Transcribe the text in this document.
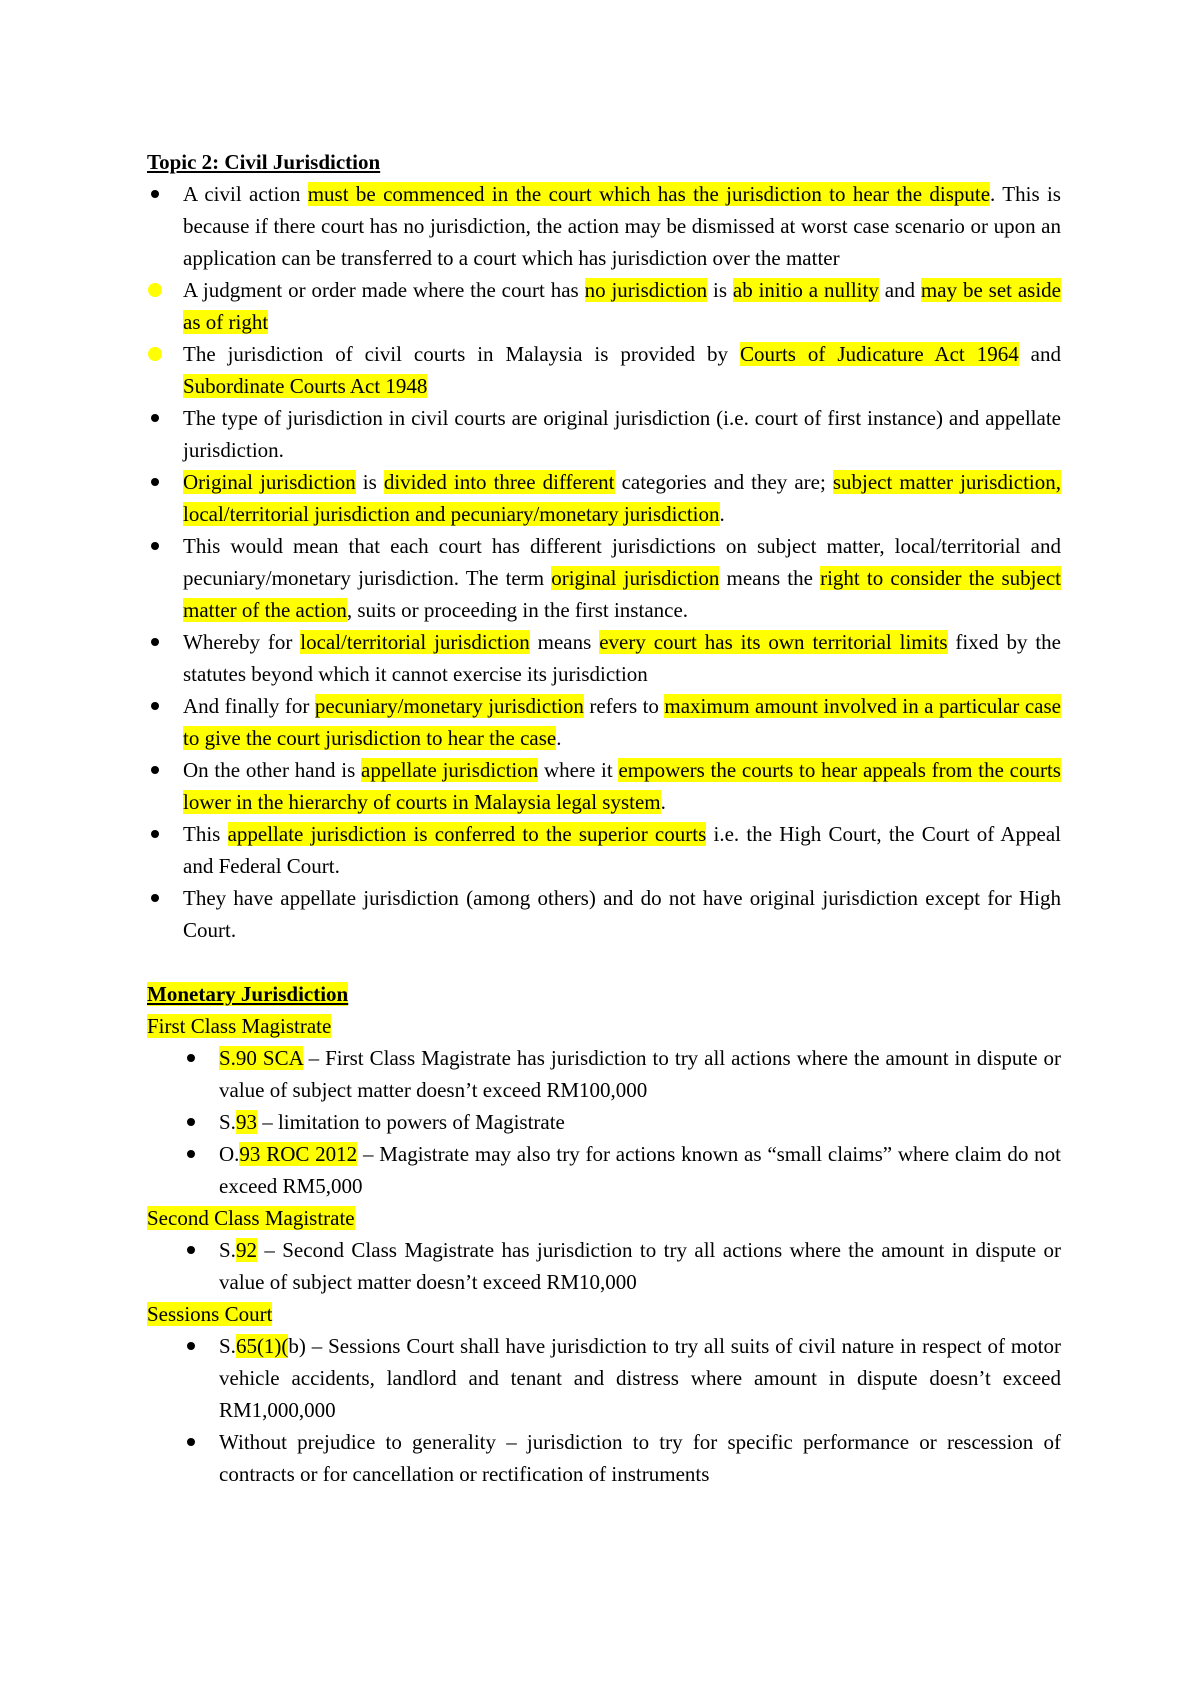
Topic 2: Civil Jurisdiction
A civil action must be commenced in the court which has the jurisdiction to hear the dispute. This is because if there court has no jurisdiction, the action may be dismissed at worst case scenario or upon an application can be transferred to a court which has jurisdiction over the matter
A judgment or order made where the court has no jurisdiction is ab initio a nullity and may be set aside as of right
The jurisdiction of civil courts in Malaysia is provided by Courts of Judicature Act 1964 and Subordinate Courts Act 1948
The type of jurisdiction in civil courts are original jurisdiction (i.e. court of first instance) and appellate jurisdiction.
Original jurisdiction is divided into three different categories and they are; subject matter jurisdiction, local/territorial jurisdiction and pecuniary/monetary jurisdiction.
This would mean that each court has different jurisdictions on subject matter, local/territorial and pecuniary/monetary jurisdiction. The term original jurisdiction means the right to consider the subject matter of the action, suits or proceeding in the first instance.
Whereby for local/territorial jurisdiction means every court has its own territorial limits fixed by the statutes beyond which it cannot exercise its jurisdiction
And finally for pecuniary/monetary jurisdiction refers to maximum amount involved in a particular case to give the court jurisdiction to hear the case.
On the other hand is appellate jurisdiction where it empowers the courts to hear appeals from the courts lower in the hierarchy of courts in Malaysia legal system.
This appellate jurisdiction is conferred to the superior courts i.e. the High Court, the Court of Appeal and Federal Court.
They have appellate jurisdiction (among others) and do not have original jurisdiction except for High Court.
Monetary Jurisdiction
First Class Magistrate
S.90 SCA – First Class Magistrate has jurisdiction to try all actions where the amount in dispute or value of subject matter doesn’t exceed RM100,000
S.93 – limitation to powers of Magistrate
O.93 ROC 2012 – Magistrate may also try for actions known as “small claims” where claim do not exceed RM5,000
Second Class Magistrate
S.92 – Second Class Magistrate has jurisdiction to try all actions where the amount in dispute or value of subject matter doesn’t exceed RM10,000
Sessions Court
S.65(1)(b) – Sessions Court shall have jurisdiction to try all suits of civil nature in respect of motor vehicle accidents, landlord and tenant and distress where amount in dispute doesn’t exceed RM1,000,000
Without prejudice to generality – jurisdiction to try for specific performance or rescession of contracts or for cancellation or rectification of instruments
